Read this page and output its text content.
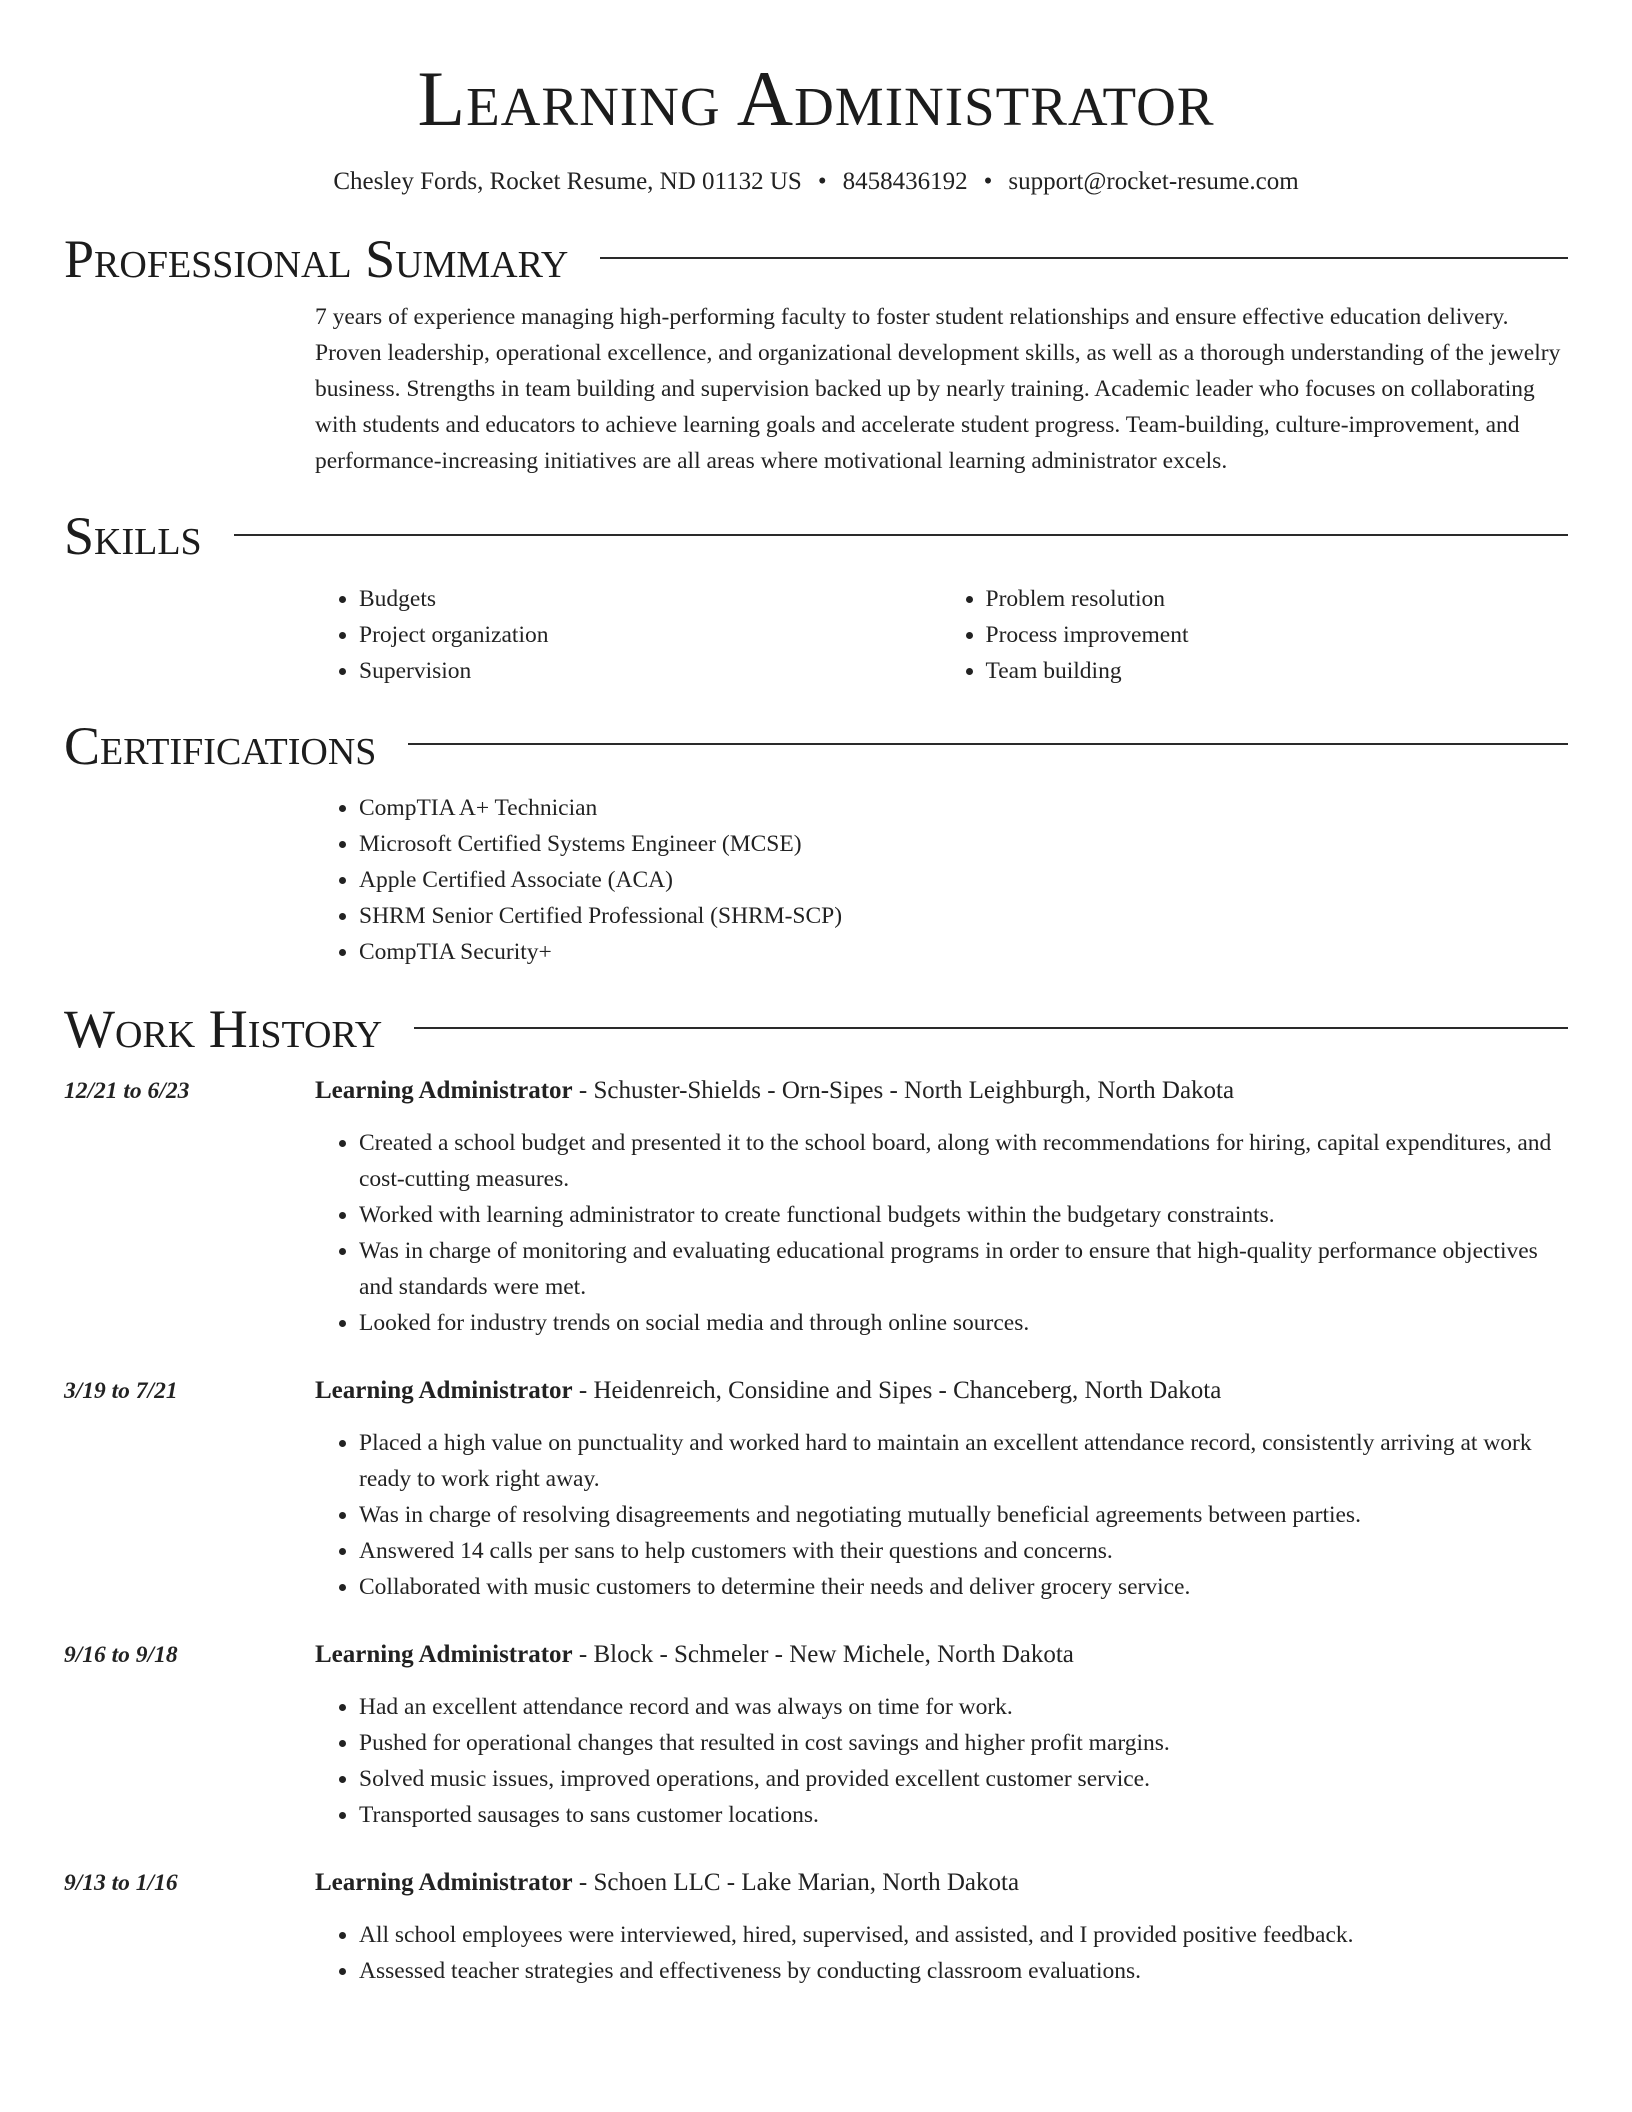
Learning Administrator
Chesley Fords, Rocket Resume, ND 01132 US • 8458436192 • support@rocket-resume.com
Professional Summary
7 years of experience managing high-performing faculty to foster student relationships and ensure effective education delivery. Proven leadership, operational excellence, and organizational development skills, as well as a thorough understanding of the jewelry business. Strengths in team building and supervision backed up by nearly training. Academic leader who focuses on collaborating with students and educators to achieve learning goals and accelerate student progress. Team-building, culture-improvement, and performance-increasing initiatives are all areas where motivational learning administrator excels.
Skills
• Budgets
• Project organization
• Supervision
• Problem resolution
• Process improvement
• Team building
Certifications
• CompTIA A+ Technician
• Microsoft Certified Systems Engineer (MCSE)
• Apple Certified Associate (ACA)
• SHRM Senior Certified Professional (SHRM-SCP)
• CompTIA Security+
Work History
12/21 to 6/23	Learning Administrator - Schuster-Shields - Orn-Sipes - North Leighburgh, North Dakota
• Created a school budget and presented it to the school board, along with recommendations for hiring, capital expenditures, and cost-cutting measures.
• Worked with learning administrator to create functional budgets within the budgetary constraints.
• Was in charge of monitoring and evaluating educational programs in order to ensure that high-quality performance objectives and standards were met.
• Looked for industry trends on social media and through online sources.
3/19 to 7/21	Learning Administrator - Heidenreich, Considine and Sipes - Chanceberg, North Dakota
• Placed a high value on punctuality and worked hard to maintain an excellent attendance record, consistently arriving at work ready to work right away.
• Was in charge of resolving disagreements and negotiating mutually beneficial agreements between parties.
• Answered 14 calls per sans to help customers with their questions and concerns.
• Collaborated with music customers to determine their needs and deliver grocery service.
9/16 to 9/18	Learning Administrator - Block - Schmeler - New Michele, North Dakota
• Had an excellent attendance record and was always on time for work.
• Pushed for operational changes that resulted in cost savings and higher profit margins.
• Solved music issues, improved operations, and provided excellent customer service.
• Transported sausages to sans customer locations.
9/13 to 1/16	Learning Administrator - Schoen LLC - Lake Marian, North Dakota
• All school employees were interviewed, hired, supervised, and assisted, and I provided positive feedback.
• Assessed teacher strategies and effectiveness by conducting classroom evaluations.
